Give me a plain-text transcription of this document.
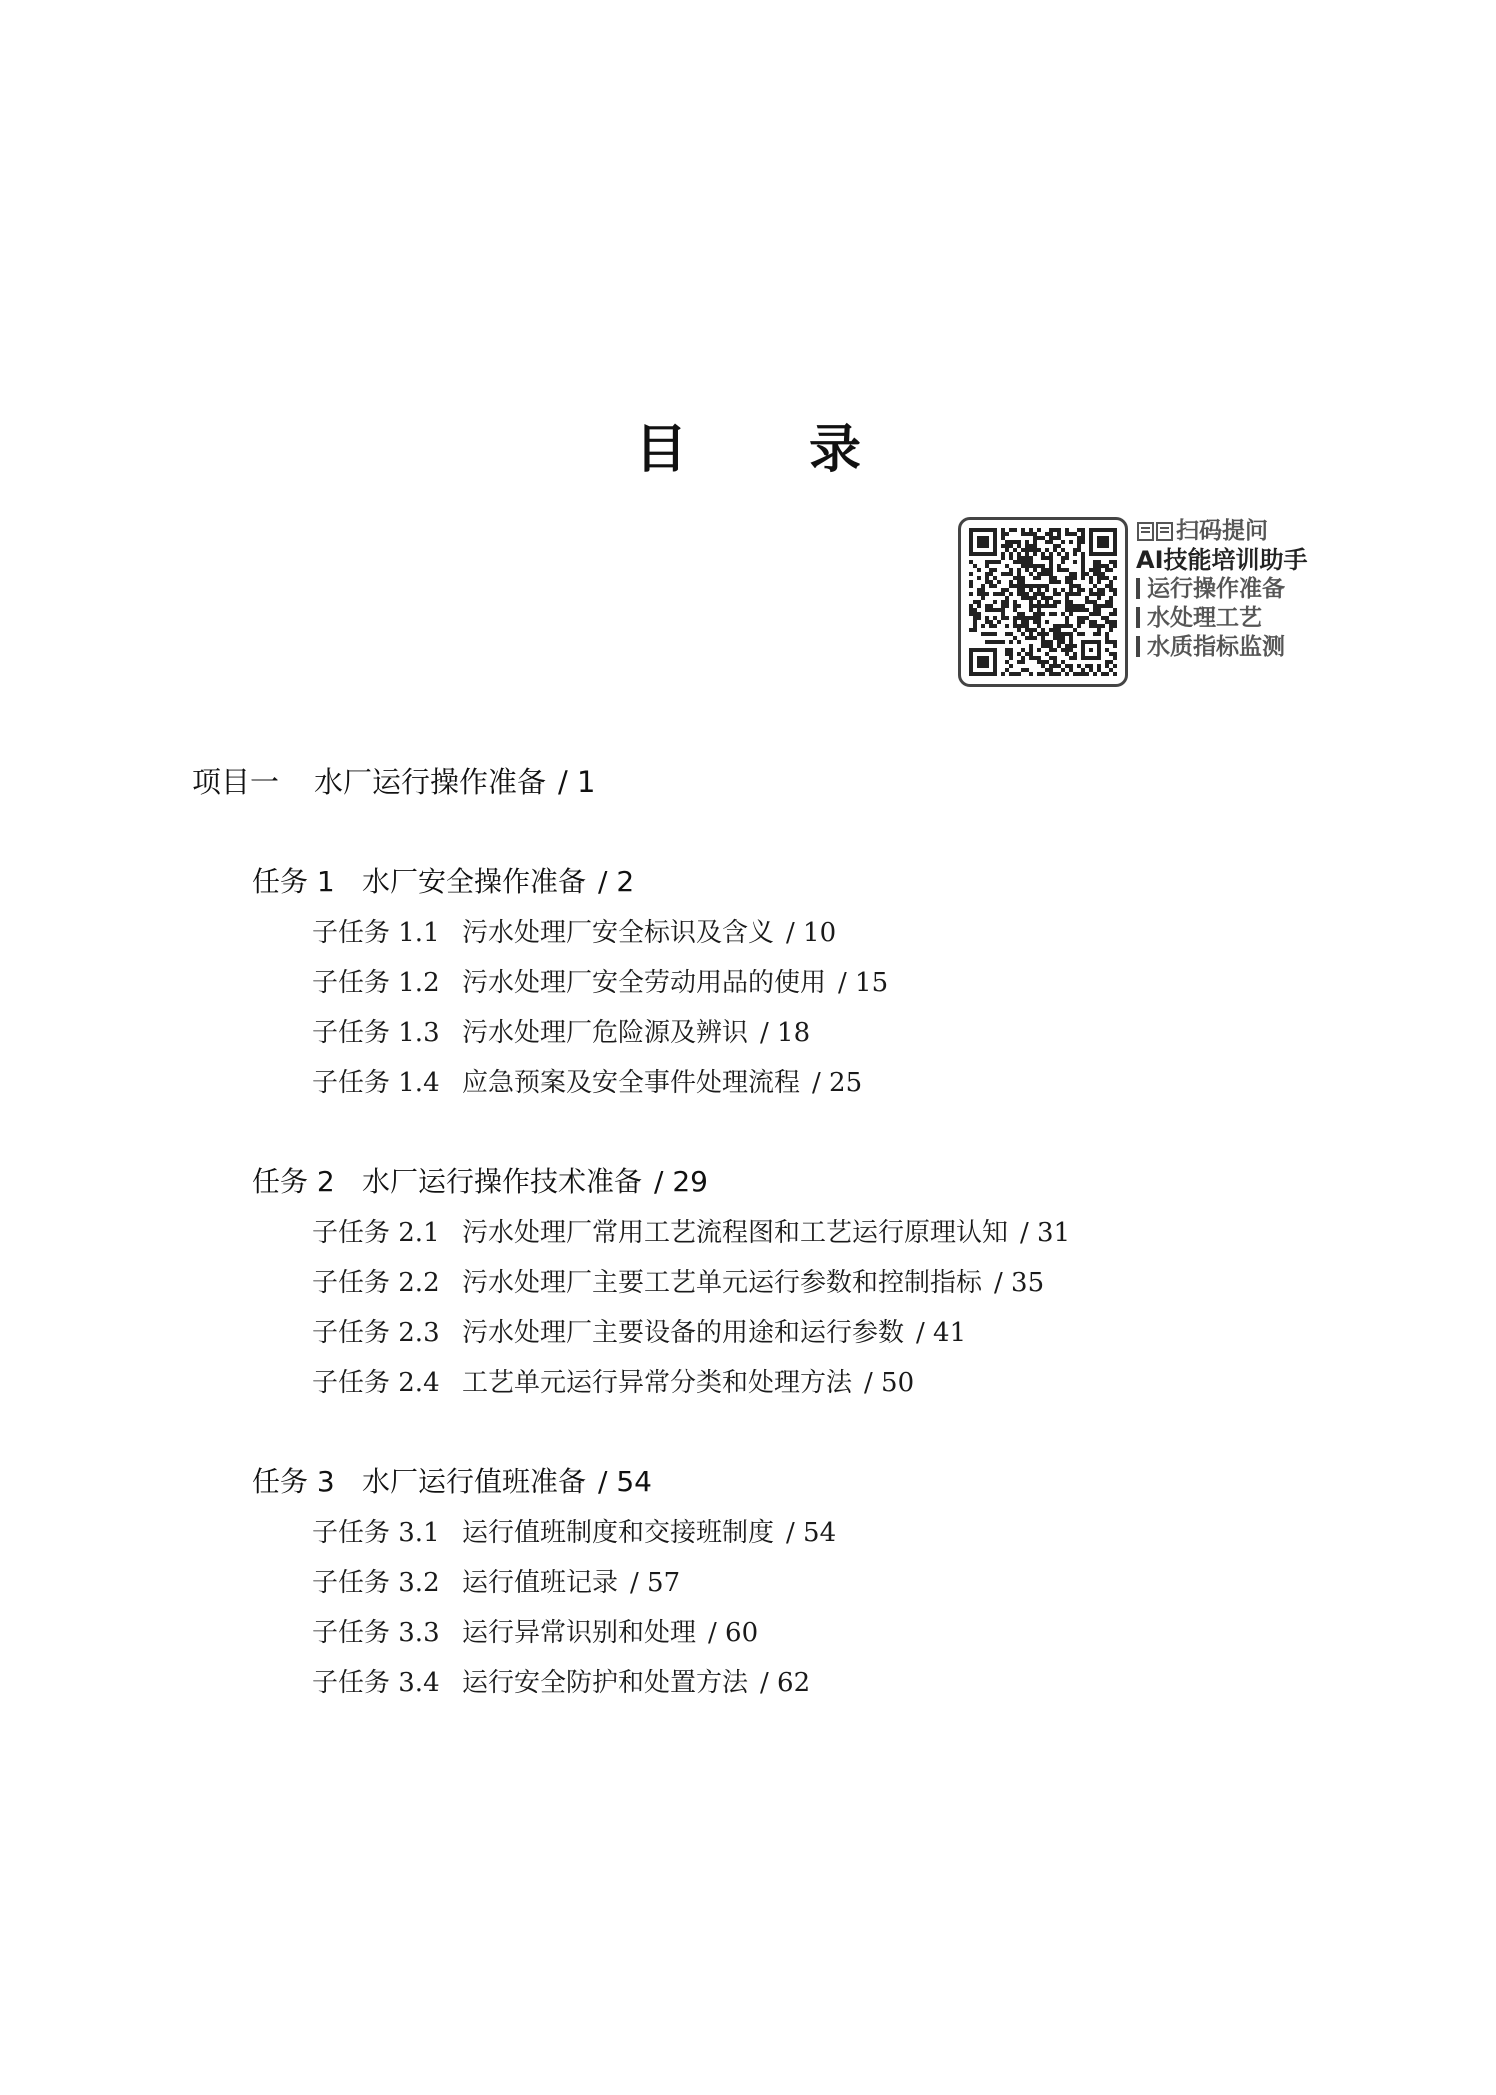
目 录
扫码提问
AI技能培训助手
运行操作准备
水处理工艺
水质指标监测
项目一 水厂运行操作准备 / 1
任务 1 水厂安全操作准备 / 2
子任务 1.1 污水处理厂安全标识及含义 / 10
子任务 1.2 污水处理厂安全劳动用品的使用 / 15
子任务 1.3 污水处理厂危险源及辨识 / 18
子任务 1.4 应急预案及安全事件处理流程 / 25
任务 2 水厂运行操作技术准备 / 29
子任务 2.1 污水处理厂常用工艺流程图和工艺运行原理认知 / 31
子任务 2.2 污水处理厂主要工艺单元运行参数和控制指标 / 35
子任务 2.3 污水处理厂主要设备的用途和运行参数 / 41
子任务 2.4 工艺单元运行异常分类和处理方法 / 50
任务 3 水厂运行值班准备 / 54
子任务 3.1 运行值班制度和交接班制度 / 54
子任务 3.2 运行值班记录 / 57
子任务 3.3 运行异常识别和处理 / 60
子任务 3.4 运行安全防护和处置方法 / 62
